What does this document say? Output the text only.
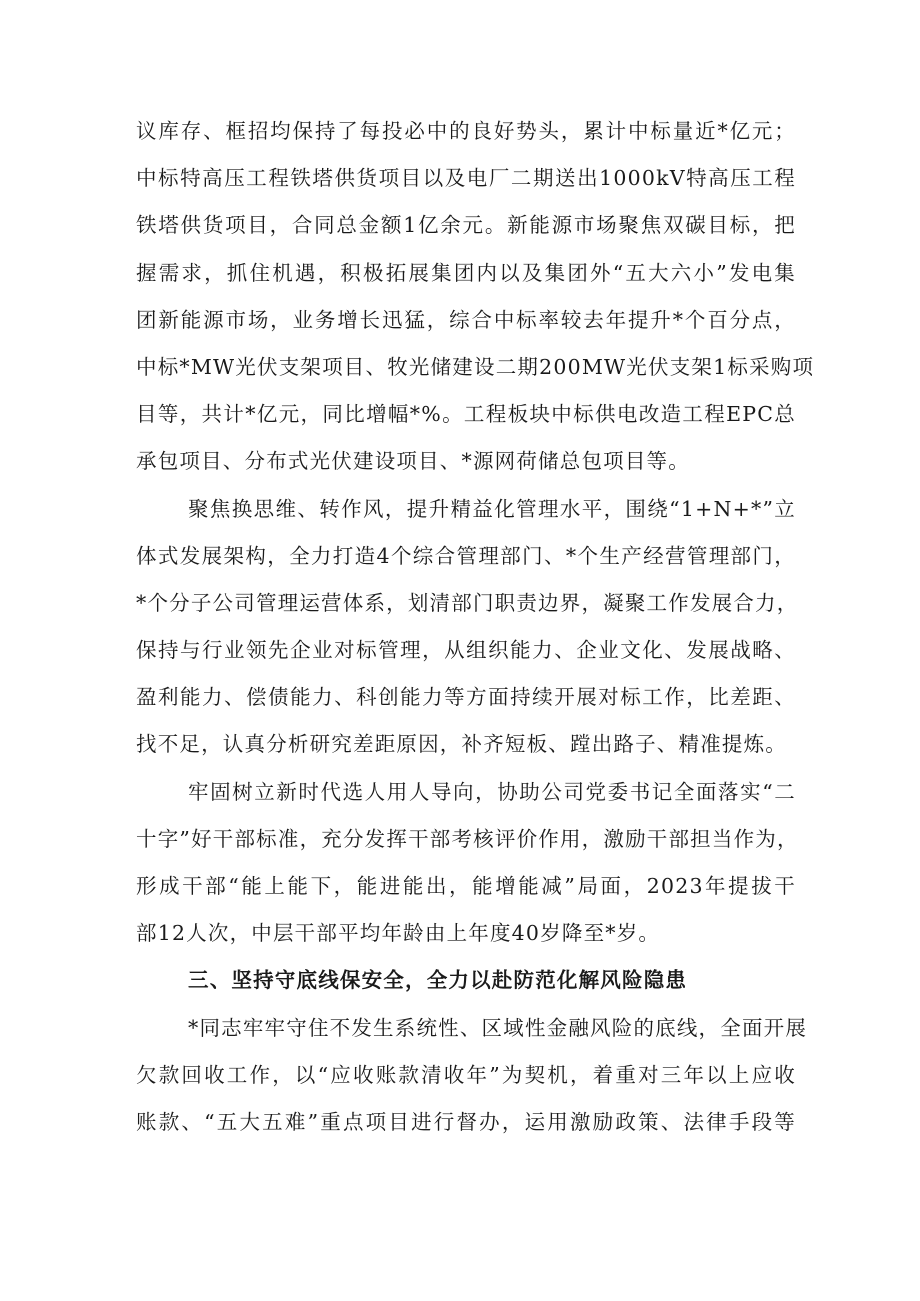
议库存、框招均保持了每投必中的良好势头，累计中标量近*亿元；
中标特高压工程铁塔供货项目以及电厂二期送出1000kV特高压工程
铁塔供货项目，合同总金额1亿余元。新能源市场聚焦双碳目标，把
握需求，抓住机遇，积极拓展集团内以及集团外“五大六小”发电集
团新能源市场，业务增长迅猛，综合中标率较去年提升*个百分点，
中标*MW光伏支架项目、牧光储建设二期200MW光伏支架1标采购项
目等，共计*亿元，同比增幅*%。工程板块中标供电改造工程EPC总
承包项目、分布式光伏建设项目、*源网荷储总包项目等。
聚焦换思维、转作风，提升精益化管理水平，围绕“1+N+*”立
体式发展架构，全力打造4个综合管理部门、*个生产经营管理部门，
*个分子公司管理运营体系，划清部门职责边界，凝聚工作发展合力，
保持与行业领先企业对标管理，从组织能力、企业文化、发展战略、
盈利能力、偿债能力、科创能力等方面持续开展对标工作，比差距、
找不足，认真分析研究差距原因，补齐短板、蹚出路子、精准提炼。
牢固树立新时代选人用人导向，协助公司党委书记全面落实“二
十字”好干部标准，充分发挥干部考核评价作用，激励干部担当作为，
形成干部“能上能下，能进能出，能增能减”局面，2023年提拔干
部12人次，中层干部平均年龄由上年度40岁降至*岁。
三、坚持守底线保安全，全力以赴防范化解风险隐患
*同志牢牢守住不发生系统性、区域性金融风险的底线，全面开展
欠款回收工作，以“应收账款清收年”为契机，着重对三年以上应收
账款、“五大五难”重点项目进行督办，运用激励政策、法律手段等
